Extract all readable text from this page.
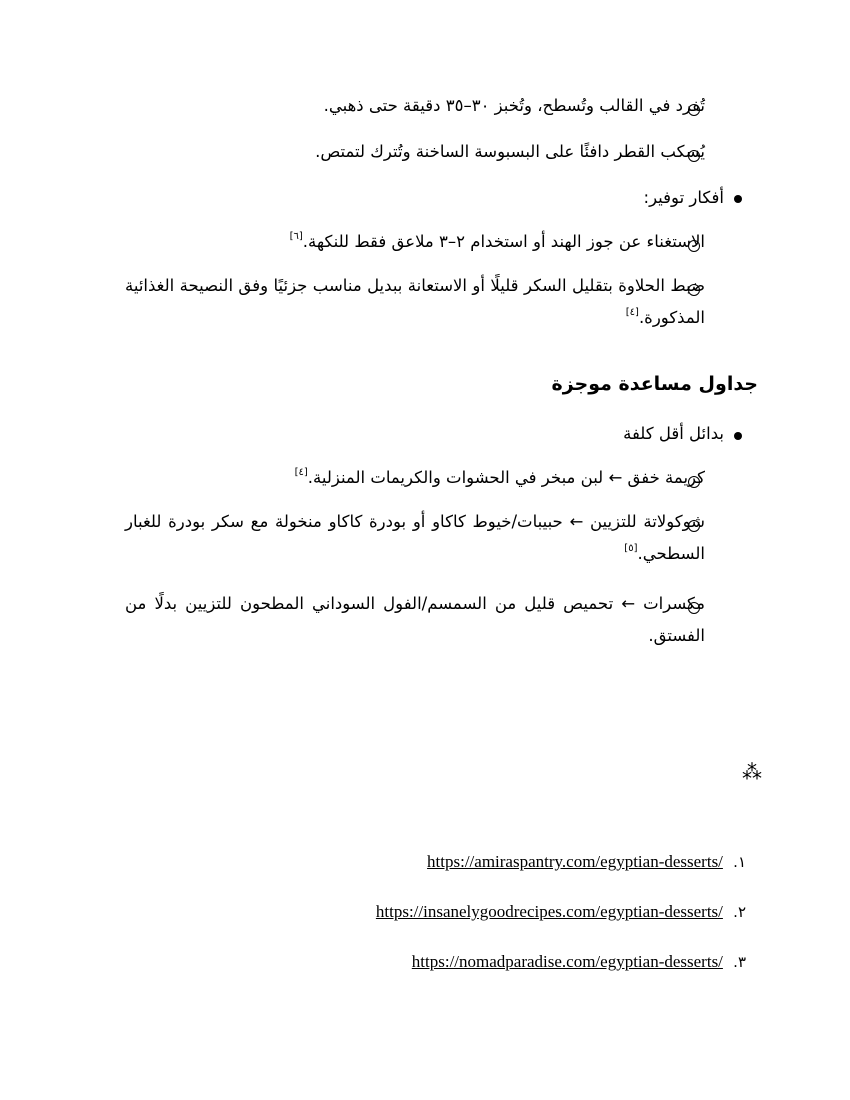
تُفرد في القالب وتُسطح، وتُخبز ٣٠–٣٥ دقيقة حتى ذهبي.
يُسكب القطر دافئًا على البسبوسة الساخنة وتُترك لتمتص.
أفكار توفير:
الاستغناء عن جوز الهند أو استخدام ٢–٣ ملاعق فقط للنكهة.[٦]
ضبط الحلاوة بتقليل السكر قليلًا أو الاستعانة ببديل مناسب جزئيًا وفق النصيحة الغذائية المذكورة.[٤]
جداول مساعدة موجزة
بدائل أقل كلفة
كريمة خفق ← لبن مبخر في الحشوات والكريمات المنزلية.[٤]
شوكولاتة للتزيين ← حبيبات/خيوط كاكاو أو بودرة كاكاو منخولة مع سكر بودرة للغبار السطحي.[٥]
مكسرات ← تحميص قليل من السمسم/الفول السوداني المطحون للتزيين بدلًا من الفستق.
⁂
١. https://amiraspantry.com/egyptian-desserts/
٢. https://insanelygoodrecipes.com/egyptian-desserts/
٣. https://nomadparadise.com/egyptian-desserts/
